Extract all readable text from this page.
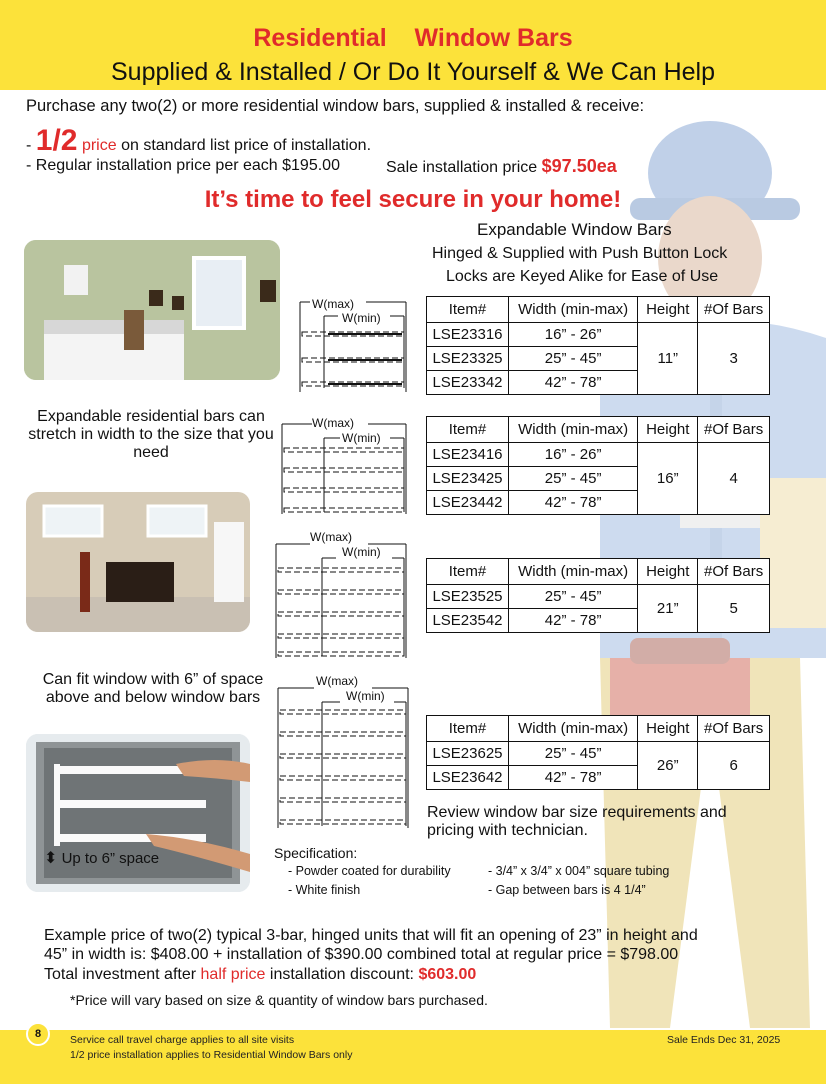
Residential    Window Bars
Supplied & Installed / Or Do It Yourself & We Can Help
Purchase any two(2) or more residential window bars, supplied & installed & receive:
- 1/2 price on standard list price of installation.
- Regular installation price per each $195.00	Sale installation price $97.50ea
It’s time to feel secure in your home!
Expandable Window Bars
Hinged & Supplied with Push Button Lock
Locks are Keyed Alike for Ease of Use
⬍ Up to 6” space
Expandable residential bars can stretch in width to the size that you need
Can fit window with 6” of space above and below window bars
W(max)
W(min)
W(max)
W(min)
W(max)
W(min)
W(max)
W(min)
Item#	Width (min-max)	Height	#Of Bars
LSE23316	16” - 26”	11”	3
LSE23325	25” - 45”		
LSE23342	42” - 78”		
Item#	Width (min-max)	Height	#Of Bars
LSE23416	16” - 26”	16”	4
LSE23425	25” - 45”		
LSE23442	42” - 78”		
Item#	Width (min-max)	Height	#Of Bars
LSE23525	25” - 45”	21”	5
LSE23542	42” - 78”		
Item#	Width (min-max)	Height	#Of Bars
LSE23625	25” - 45”	26”	6
LSE23642	42” - 78”		
Review window bar size requirements and
pricing with technician.
Specification:
- Powder coated for durability
- White finish
- 3/4” x 3/4” x 004” square tubing
- Gap between bars is 4 1/4”
Example price of two(2) typical 3-bar, hinged units that will fit an opening of 23” in height and
45” in width is: $408.00 + installation of $390.00 combined total at regular price = $798.00
Total investment after half price installation discount: $603.00
*Price will vary based on size & quantity of window bars purchased.
8	Service call travel charge applies to all site visits
1/2 price installation applies to Residential Window Bars only
Sale Ends Dec 31, 2025
